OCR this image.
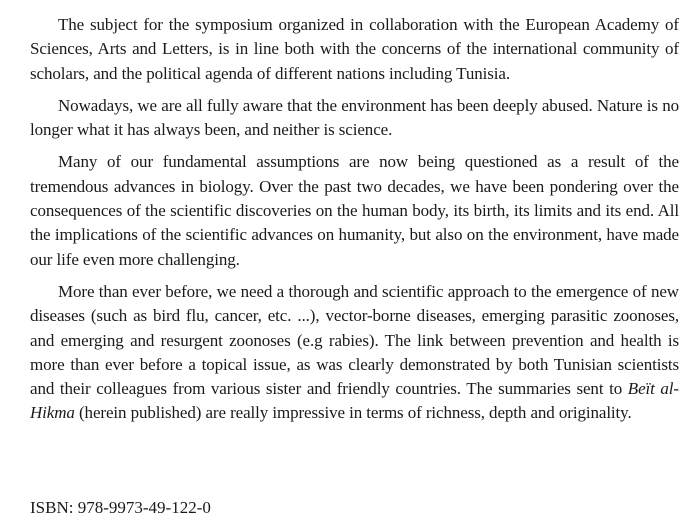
The subject for the symposium organized in collaboration with the European Academy of Sciences, Arts and Letters, is in line both with the concerns of the international community of scholars, and the political agenda of different nations including Tunisia.

Nowadays, we are all fully aware that the environment has been deeply abused. Nature is no longer what it has always been, and neither is science.

Many of our fundamental assumptions are now being questioned as a result of the tremendous advances in biology. Over the past two decades, we have been pondering over the consequences of the scientific discoveries on the human body, its birth, its limits and its end. All the implications of the scientific advances on humanity, but also on the environment, have made our life even more challenging.

More than ever before, we need a thorough and scientific approach to the emergence of new diseases (such as bird flu, cancer, etc. ...), vector-borne diseases, emerging parasitic zoonoses, and emerging and resurgent zoonoses (e.g rabies). The link between prevention and health is more than ever before a topical issue, as was clearly demonstrated by both Tunisian scientists and their colleagues from various sister and friendly countries. The summaries sent to Beït al-Hikma (herein published) are really impressive in terms of richness, depth and originality.

ISBN: 978-9973-49-122-0
